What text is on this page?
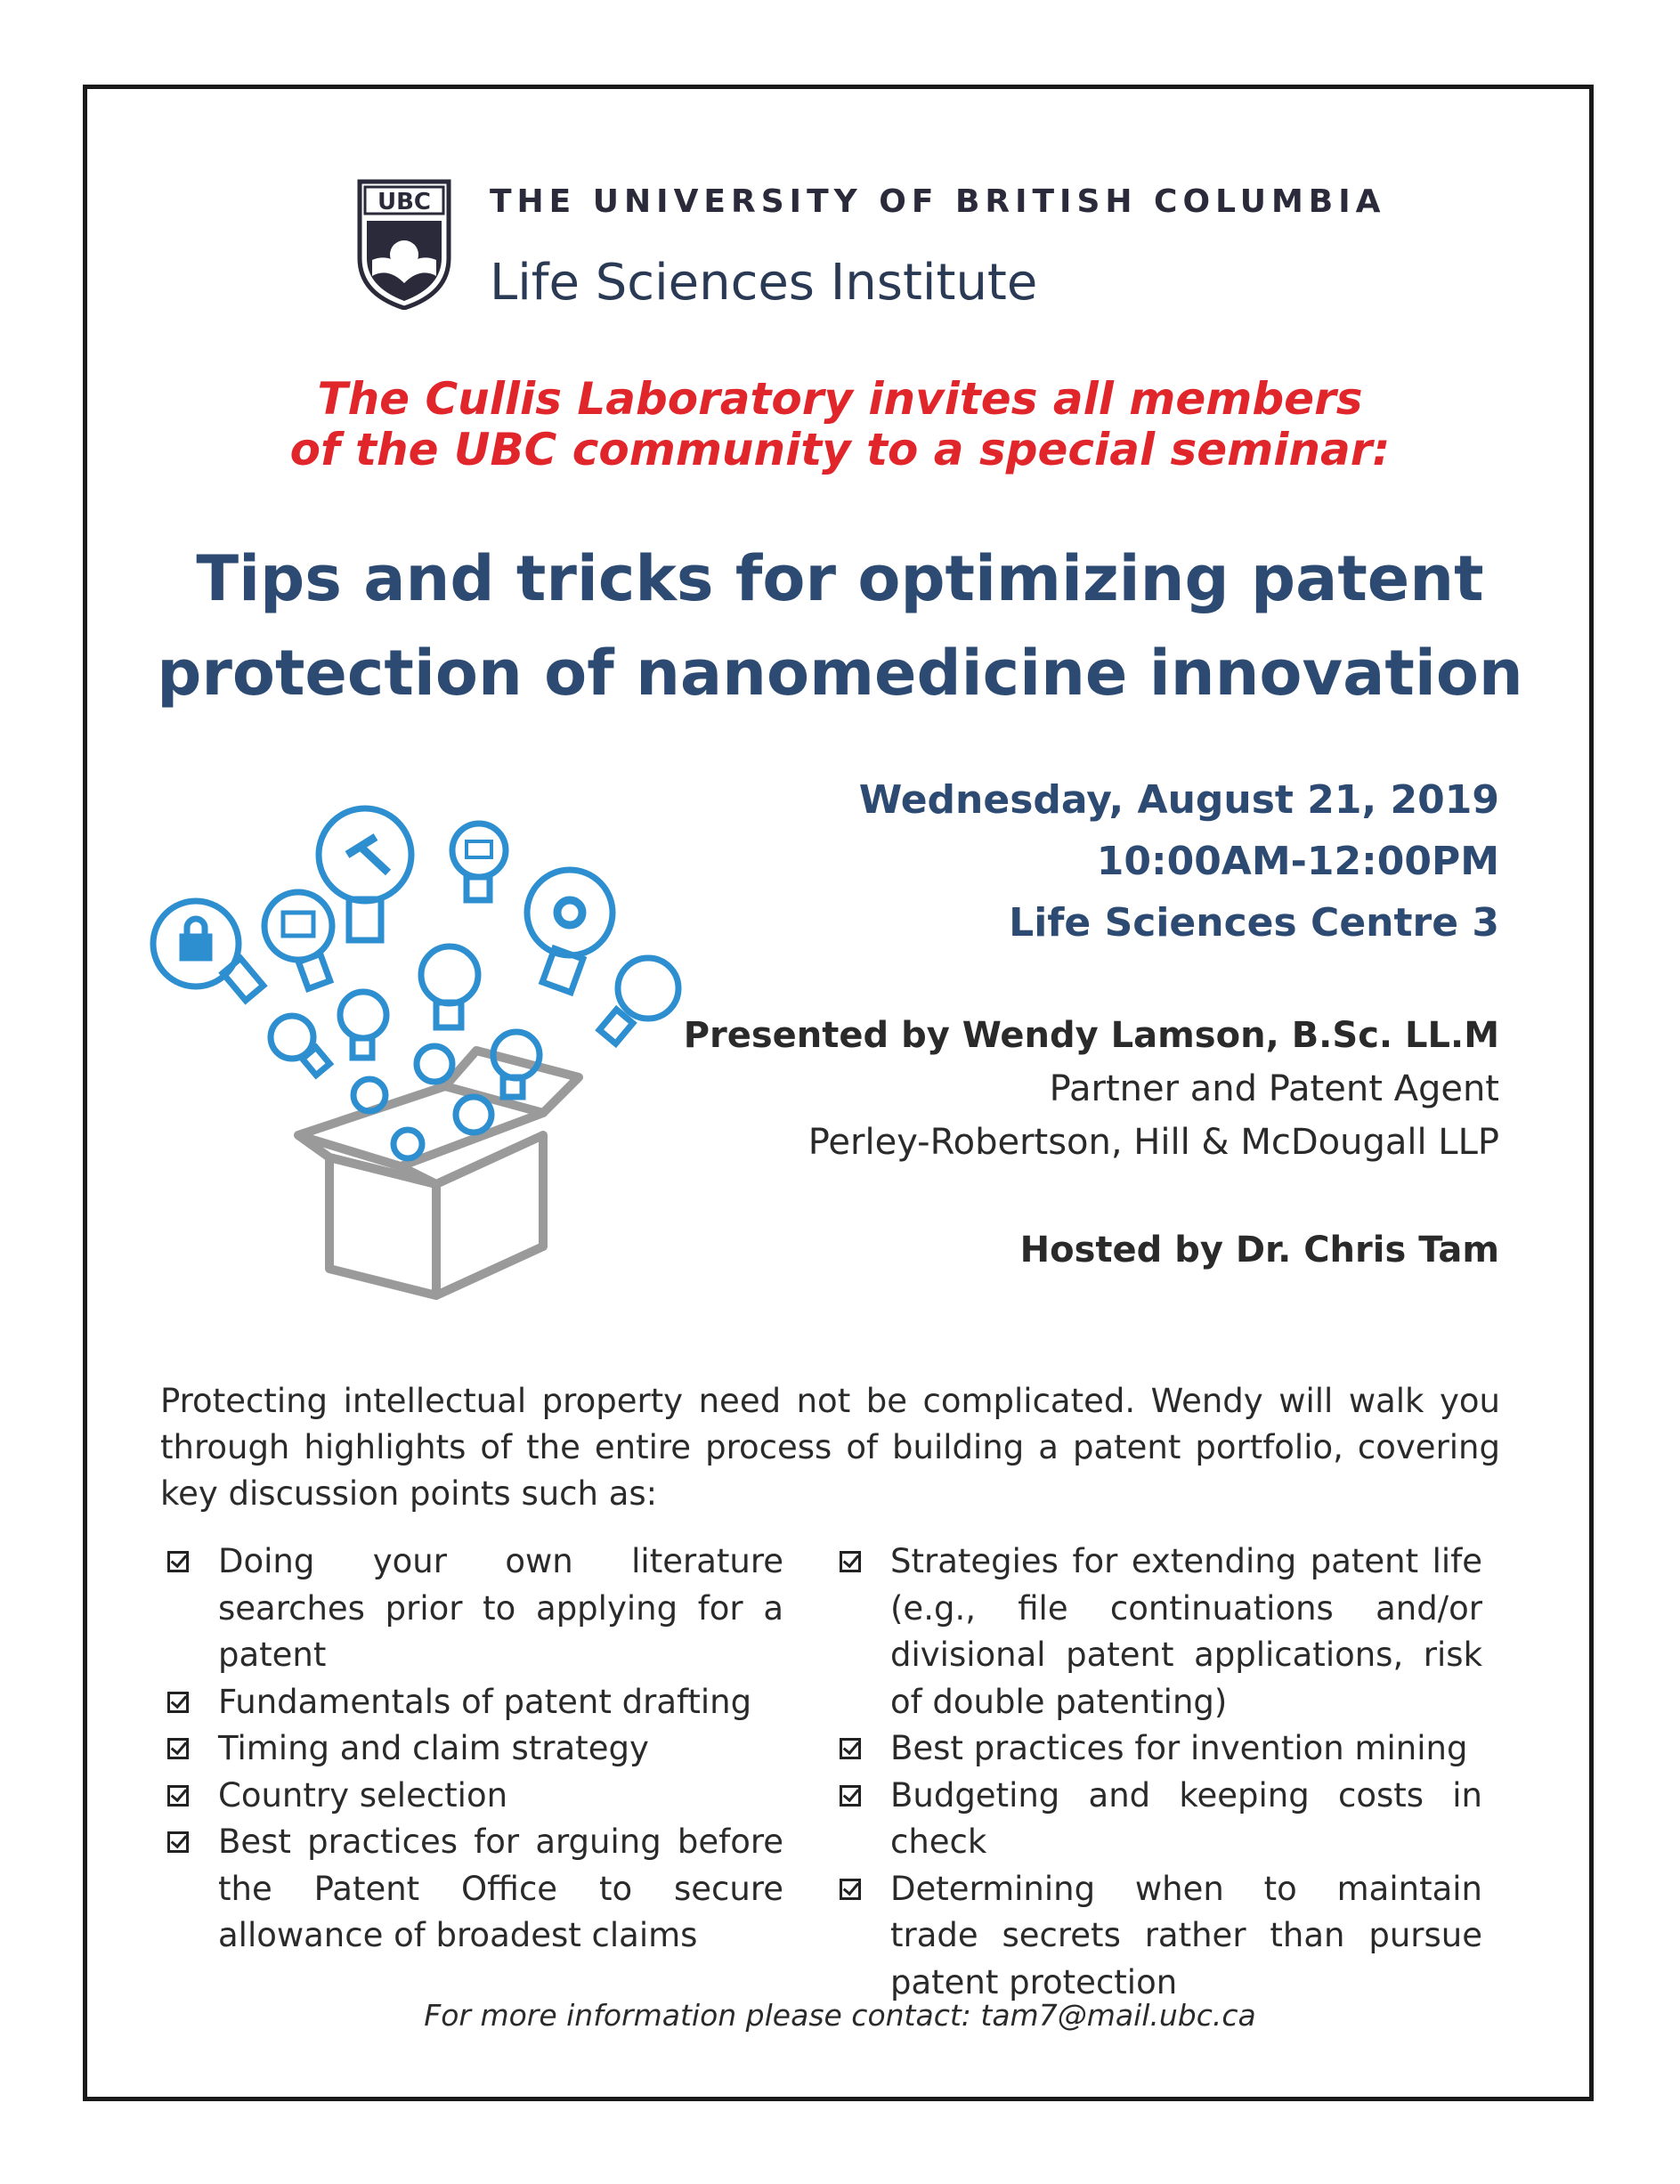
UBC THE UNIVERSITY OF BRITISH COLUMBIA
Life Sciences Institute
The Cullis Laboratory invites all members
of the UBC community to a special seminar:
Tips and tricks for optimizing patent
protection of nanomedicine innovation
Wednesday, August 21, 2019
10:00AM-12:00PM
Life Sciences Centre 3
Presented by Wendy Lamson, B.Sc. LL.M
Partner and Patent Agent
Perley-Robertson, Hill & McDougall LLP
Hosted by Dr. Chris Tam
Protecting intellectual property need not be complicated. Wendy will walk you through highlights of the entire process of building a patent portfolio, covering key discussion points such as:
Doing your own literature searches prior to applying for a patent
Fundamentals of patent drafting
Timing and claim strategy
Country selection
Best practices for arguing before the Patent Office to secure allowance of broadest claims
Strategies for extending patent life (e.g., file continuations and/or divisional patent applications, risk of double patenting)
Best practices for invention mining
Budgeting and keeping costs in check
Determining when to maintain trade secrets rather than pursue patent protection
For more information please contact: tam7@mail.ubc.ca
